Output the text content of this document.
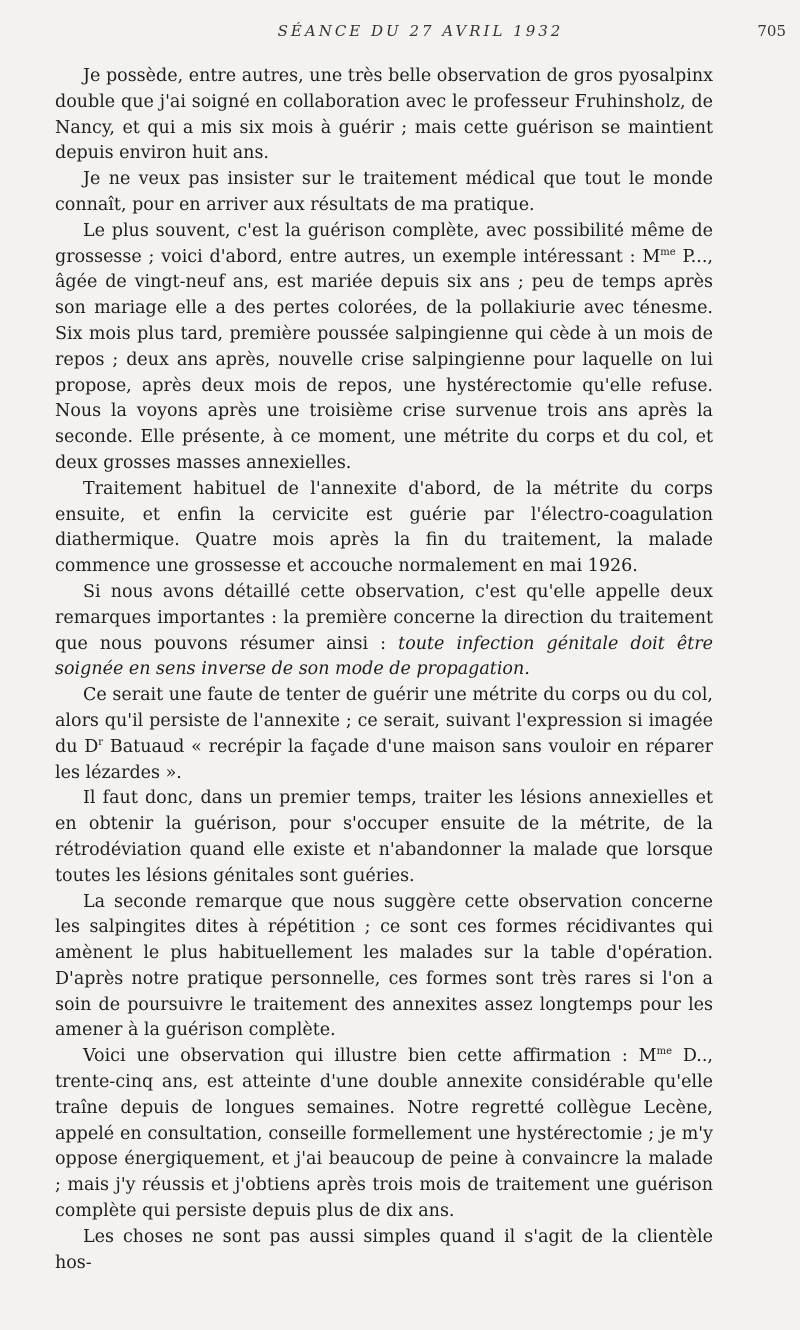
SÉANCE DU 27 AVRIL 1932	705

Je possède, entre autres, une très belle observation de gros pyosalpinx double que j'ai soigné en collaboration avec le professeur Fruhinsholz, de Nancy, et qui a mis six mois à guérir ; mais cette guérison se maintient depuis environ huit ans.

Je ne veux pas insister sur le traitement médical que tout le monde connaît, pour en arriver aux résultats de ma pratique.

Le plus souvent, c'est la guérison complète, avec possibilité même de grossesse ; voici d'abord, entre autres, un exemple intéressant : $M^{me}$ P..., âgée de vingt-neuf ans, est mariée depuis six ans ; peu de temps après son mariage elle a des pertes colorées, de la pollakiurie avec ténesme. Six mois plus tard, première poussée salpingienne qui cède à un mois de repos ; deux ans après, nouvelle crise salpingienne pour laquelle on lui propose, après deux mois de repos, une hystérectomie qu'elle refuse. Nous la voyons après une troisième crise survenue trois ans après la seconde. Elle présente, à ce moment, une métrite du corps et du col, et deux grosses masses annexielles.

Traitement habituel de l'annexite d'abord, de la métrite du corps ensuite, et enfin la cervicite est guérie par l'électro-coagulation diathermique. Quatre mois après la fin du traitement, la malade commence une grossesse et accouche normalement en mai 1926.

Si nous avons détaillé cette observation, c'est qu'elle appelle deux remarques importantes : la première concerne la direction du traitement que nous pouvons résumer ainsi : toute infection génitale doit être soignée en sens inverse de son mode de propagation.

Ce serait une faute de tenter de guérir une métrite du corps ou du col, alors qu'il persiste de l'annexite ; ce serait, suivant l'expression si imagée du $D^r$ Batuaud « recrépir la façade d'une maison sans vouloir en réparer les lézardes ».

Il faut donc, dans un premier temps, traiter les lésions annexielles et en obtenir la guérison, pour s'occuper ensuite de la métrite, de la rétrodéviation quand elle existe et n'abandonner la malade que lorsque toutes les lésions génitales sont guéries.

La seconde remarque que nous suggère cette observation concerne les salpingites dites à répétition ; ce sont ces formes récidivantes qui amènent le plus habituellement les malades sur la table d'opération. D'après notre pratique personnelle, ces formes sont très rares si l'on a soin de poursuivre le traitement des annexites assez longtemps pour les amener à la guérison complète.

Voici une observation qui illustre bien cette affirmation : $M^{me}$ D.., trente-cinq ans, est atteinte d'une double annexite considérable qu'elle traîne depuis de longues semaines. Notre regretté collègue Lecène, appelé en consultation, conseille formellement une hystérectomie ; je m'y oppose énergiquement, et j'ai beaucoup de peine à convaincre la malade ; mais j'y réussis et j'obtiens après trois mois de traitement une guérison complète qui persiste depuis plus de dix ans.

Les choses ne sont pas aussi simples quand il s'agit de la clientèle hos-
